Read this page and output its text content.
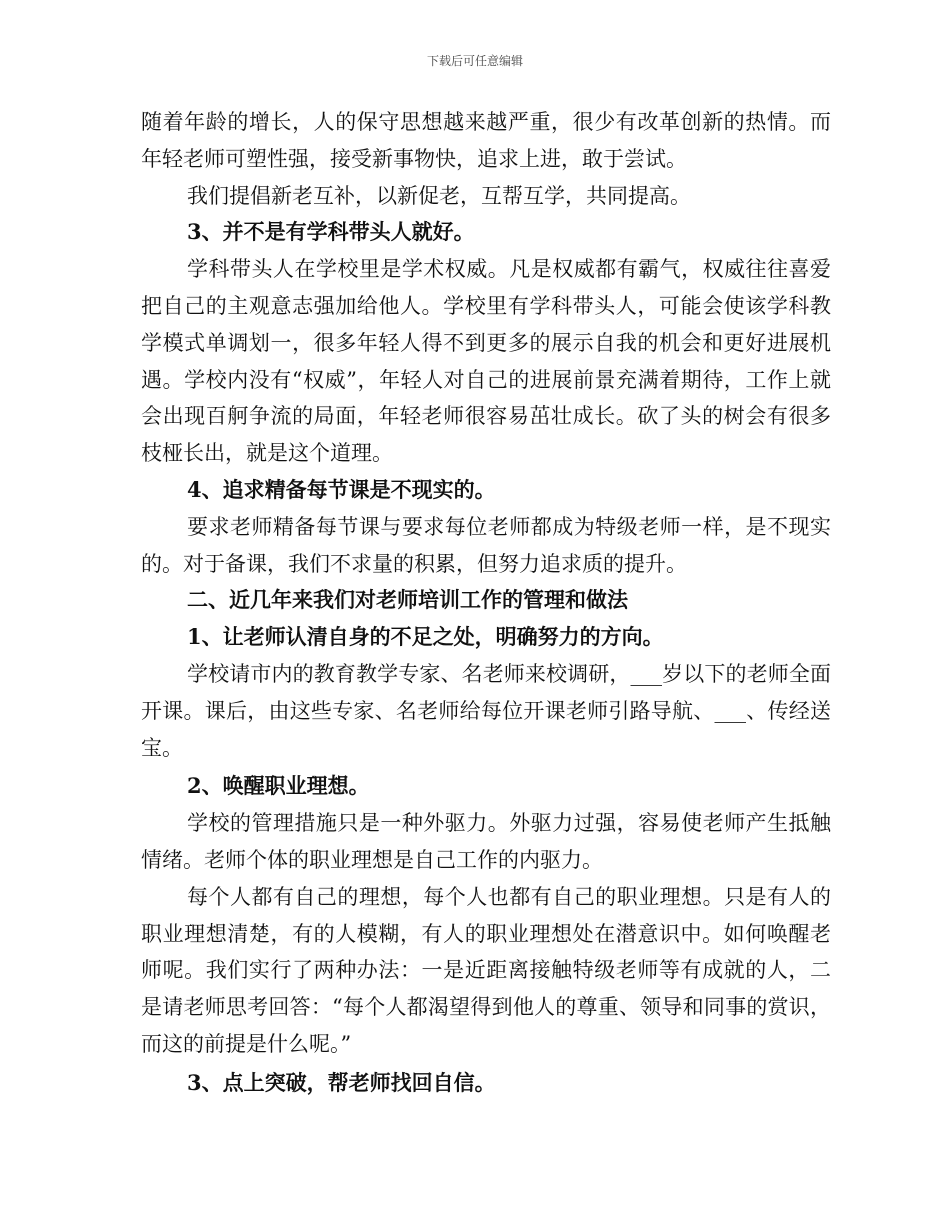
下载后可任意编辑

随着年龄的增长，人的保守思想越来越严重，很少有改革创新的热情。而年轻老师可塑性强，接受新事物快，追求上进，敢于尝试。

我们提倡新老互补，以新促老，互帮互学，共同提高。

3、并不是有学科带头人就好。

学科带头人在学校里是学术权威。凡是权威都有霸气，权威往往喜爱把自己的主观意志强加给他人。学校里有学科带头人，可能会使该学科教学模式单调划一，很多年轻人得不到更多的展示自我的机会和更好进展机遇。学校内没有“权威”，年轻人对自己的进展前景充满着期待，工作上就会出现百舸争流的局面，年轻老师很容易茁壮成长。砍了头的树会有很多枝桠长出，就是这个道理。

4、追求精备每节课是不现实的。

要求老师精备每节课与要求每位老师都成为特级老师一样，是不现实的。对于备课，我们不求量的积累，但努力追求质的提升。

二、近几年来我们对老师培训工作的管理和做法

1、让老师认清自身的不足之处，明确努力的方向。

学校请市内的教育教学专家、名老师来校调研，___岁以下的老师全面开课。课后，由这些专家、名老师给每位开课老师引路导航、___、传经送宝。

2、唤醒职业理想。

学校的管理措施只是一种外驱力。外驱力过强，容易使老师产生抵触情绪。老师个体的职业理想是自己工作的内驱力。

每个人都有自己的理想，每个人也都有自己的职业理想。只是有人的职业理想清楚，有的人模糊，有人的职业理想处在潜意识中。如何唤醒老师呢。我们实行了两种办法：一是近距离接触特级老师等有成就的人，二是请老师思考回答：“每个人都渴望得到他人的尊重、领导和同事的赏识，而这的前提是什么呢。”

3、点上突破，帮老师找回自信。
